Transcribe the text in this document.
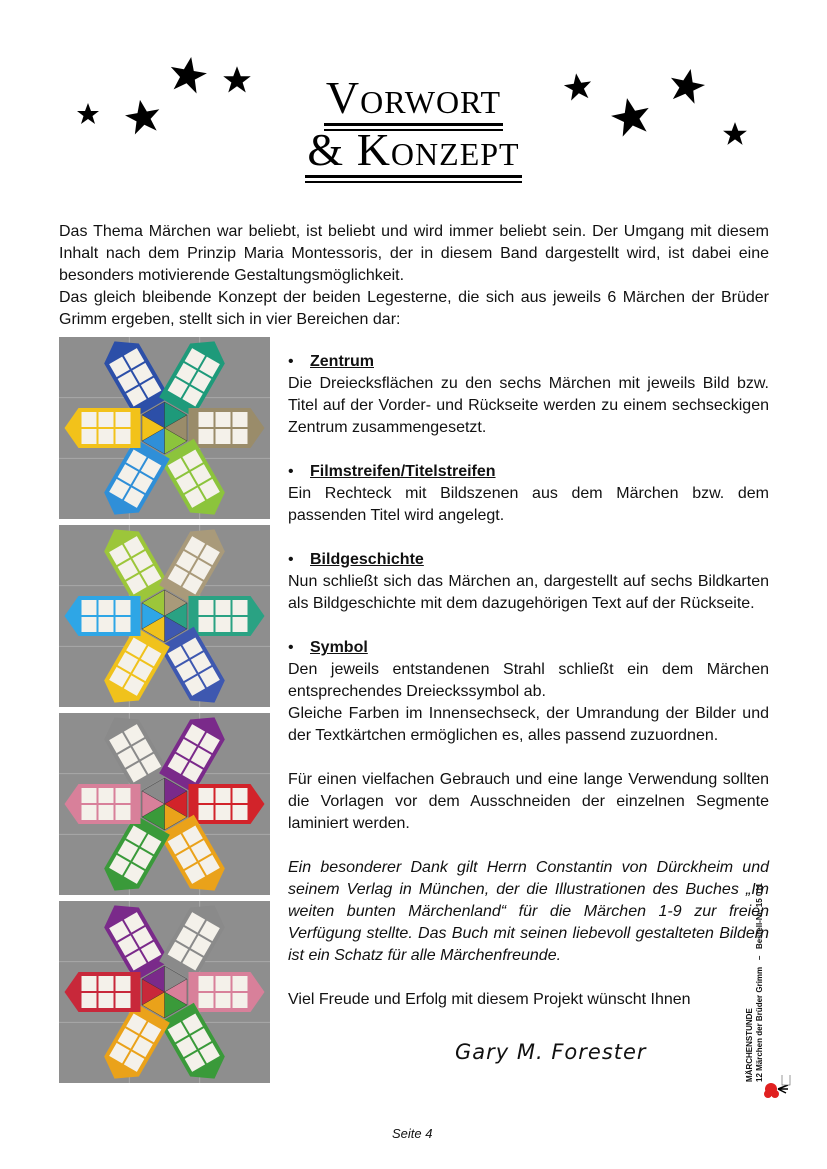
Vorwort
& Konzept

Das Thema Märchen war beliebt, ist beliebt und wird immer beliebt sein. Der Umgang mit diesem Inhalt nach dem Prinzip Maria Montessoris, der in diesem Band dargestellt wird, ist dabei eine besonders motivierende Gestaltungsmöglichkeit.

Das gleich bleibende Konzept der beiden Legesterne, die sich aus jeweils 6 Märchen der Brüder Grimm ergeben, stellt sich in vier Bereichen dar:

• Zentrum

Die Dreiecksflächen zu den sechs Märchen mit jeweils Bild bzw. Titel auf der Vorder- und Rückseite werden zu einem sechseckigen Zentrum zusammengesetzt.

• Filmstreifen/Titelstreifen

Ein Rechteck mit Bildszenen aus dem Märchen bzw. dem passenden Titel wird angelegt.

• Bildgeschichte

Nun schließt sich das Märchen an, dargestellt auf sechs Bildkarten als Bildgeschichte mit dem dazugehörigen Text auf der Rückseite.

• Symbol

Den jeweils entstandenen Strahl schließt ein dem Märchen entsprechendes Dreieckssymbol ab.

Gleiche Farben im Innensechseck, der Umrandung der Bilder und der Textkärtchen ermöglichen es, alles passend zuzuordnen.

Für einen vielfachen Gebrauch und eine lange Verwendung sollten die Vorlagen vor dem Ausschneiden der einzelnen Segmente laminiert werden.

Ein besonderer Dank gilt Herrn Constantin von Dürckheim und seinem Verlag in München, der die Illustrationen des Buches „Im weiten bunten Märchenland“ für die Märchen 1-9 zur freien Verfügung stellte. Das Buch mit seinen liebevoll gestalteten Bildern ist ein Schatz für alle Märchenfreunde.

Viel Freude und Erfolg mit diesem Projekt wünscht Ihnen

Gary M. Forester
Seite 4
MÄRCHENSTUNDE 12 Märchen der Brüder Grimm   –   Bestell-Nr. 15 011
